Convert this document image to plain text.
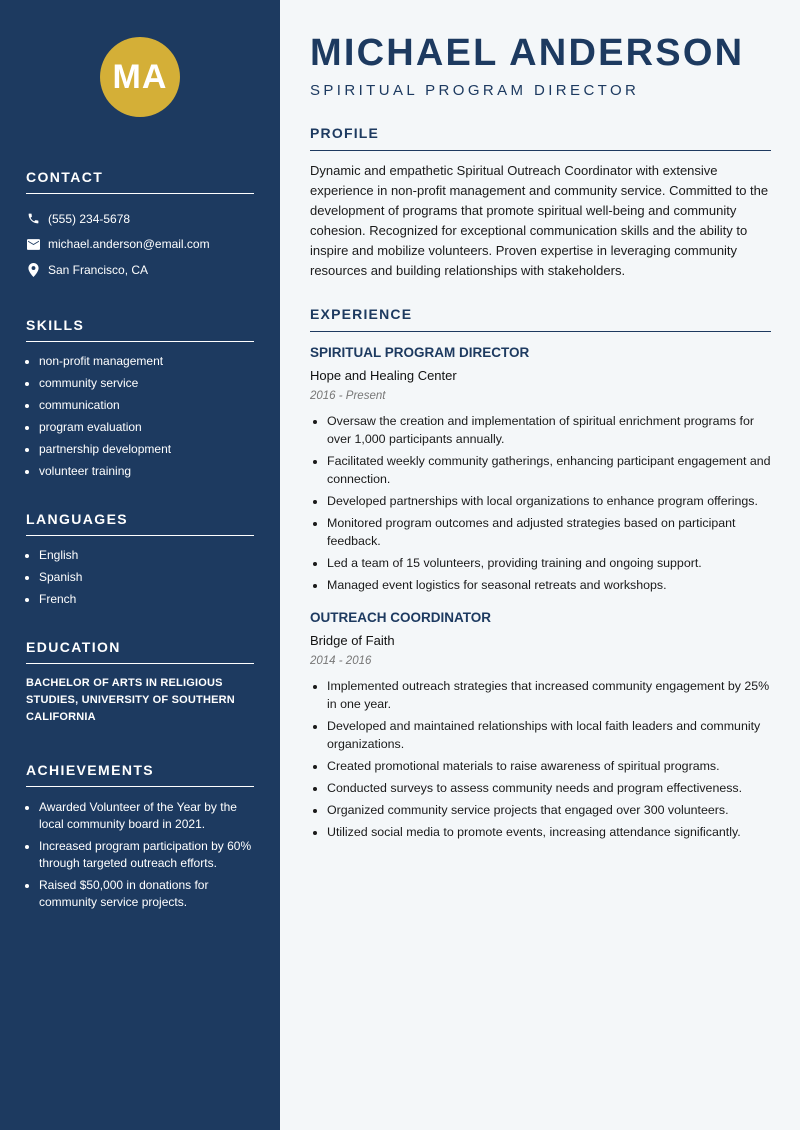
MA
CONTACT
(555) 234-5678
michael.anderson@email.com
San Francisco, CA
SKILLS
• non-profit management
• community service
• communication
• program evaluation
• partnership development
• volunteer training
LANGUAGES
• English
• Spanish
• French
EDUCATION
BACHELOR OF ARTS IN RELIGIOUS STUDIES, UNIVERSITY OF SOUTHERN CALIFORNIA
ACHIEVEMENTS
• Awarded Volunteer of the Year by the local community board in 2021.
• Increased program participation by 60% through targeted outreach efforts.
• Raised $50,000 in donations for community service projects.
MICHAEL ANDERSON
SPIRITUAL PROGRAM DIRECTOR
PROFILE

Dynamic and empathetic Spiritual Outreach Coordinator with extensive experience in non-profit management and community service. Committed to the development of programs that promote spiritual well-being and community cohesion. Recognized for exceptional communication skills and the ability to inspire and mobilize volunteers. Proven expertise in leveraging community resources and building relationships with stakeholders.

EXPERIENCE
SPIRITUAL PROGRAM DIRECTOR
Hope and Healing Center
2016 - Present
• Oversaw the creation and implementation of spiritual enrichment programs for over 1,000 participants annually.
• Facilitated weekly community gatherings, enhancing participant engagement and connection.
• Developed partnerships with local organizations to enhance program offerings.
• Monitored program outcomes and adjusted strategies based on participant feedback.
• Led a team of 15 volunteers, providing training and ongoing support.
• Managed event logistics for seasonal retreats and workshops.
OUTREACH COORDINATOR
Bridge of Faith
2014 - 2016
• Implemented outreach strategies that increased community engagement by 25% in one year.
• Developed and maintained relationships with local faith leaders and community organizations.
• Created promotional materials to raise awareness of spiritual programs.
• Conducted surveys to assess community needs and program effectiveness.
• Organized community service projects that engaged over 300 volunteers.
• Utilized social media to promote events, increasing attendance significantly.
